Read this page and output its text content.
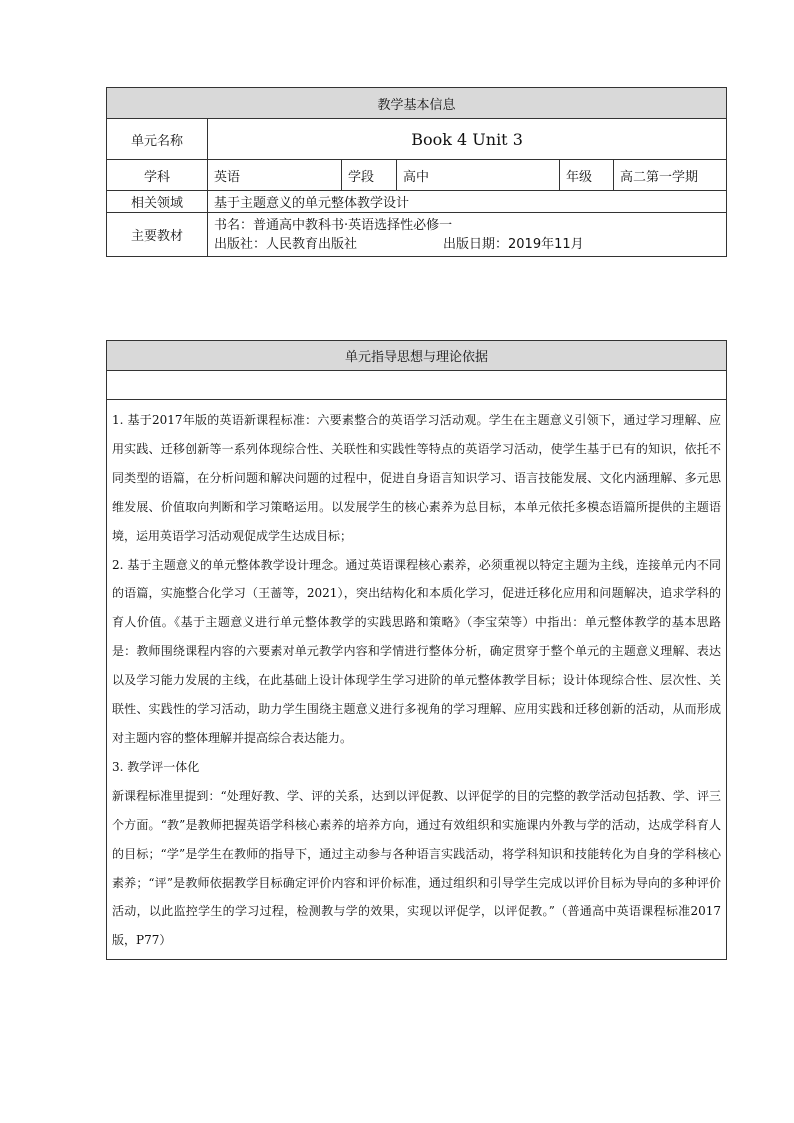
教学基本信息					
单元名称	Book 4 Unit 3				
学科	英语	学段	高中	年级	高二第一学期
相关领域	基于主题意义的单元整体教学设计				
主要教材	书名：普通高中教科书·英语选择性必修一
出版社：人民教育出版社 出版日期：2019年11月				
单元指导思想与理论依据

1. 基于2017年版的英语新课程标准：六要素整合的英语学习活动观。学生在主题意义引领下，通过学习理解、应用实践、迁移创新等一系列体现综合性、关联性和实践性等特点的英语学习活动，使学生基于已有的知识，依托不同类型的语篇，在分析问题和解决问题的过程中，促进自身语言知识学习、语言技能发展、文化内涵理解、多元思维发展、价值取向判断和学习策略运用。以发展学生的核心素养为总目标，本单元依托多模态语篇所提供的主题语境，运用英语学习活动观促成学生达成目标；

2. 基于主题意义的单元整体教学设计理念。通过英语课程核心素养，必须重视以特定主题为主线，连接单元内不同的语篇，实施整合化学习（王蔷等，2021），突出结构化和本质化学习，促进迁移化应用和问题解决，追求学科的育人价值。《基于主题意义进行单元整体教学的实践思路和策略》（李宝荣等）中指出：单元整体教学的基本思路是：教师围绕课程内容的六要素对单元教学内容和学情进行整体分析，确定贯穿于整个单元的主题意义理解、表达以及学习能力发展的主线，在此基础上设计体现学生学习进阶的单元整体教学目标；设计体现综合性、层次性、关联性、实践性的学习活动，助力学生围绕主题意义进行多视角的学习理解、应用实践和迁移创新的活动，从而形成对主题内容的整体理解并提高综合表达能力。

3. 教学评一体化

新课程标准里提到：“处理好教、学、评的关系，达到以评促教、以评促学的目的完整的教学活动包括教、学、评三个方面。“教”是教师把握英语学科核心素养的培养方向，通过有效组织和实施课内外教与学的活动，达成学科育人的目标；“学”是学生在教师的指导下，通过主动参与各种语言实践活动，将学科知识和技能转化为自身的学科核心素养；“评”是教师依据教学目标确定评价内容和评价标准，通过组织和引导学生完成以评价目标为导向的多种评价活动，以此监控学生的学习过程，检测教与学的效果，实现以评促学，以评促教。”（普通高中英语课程标准2017版，P77）
